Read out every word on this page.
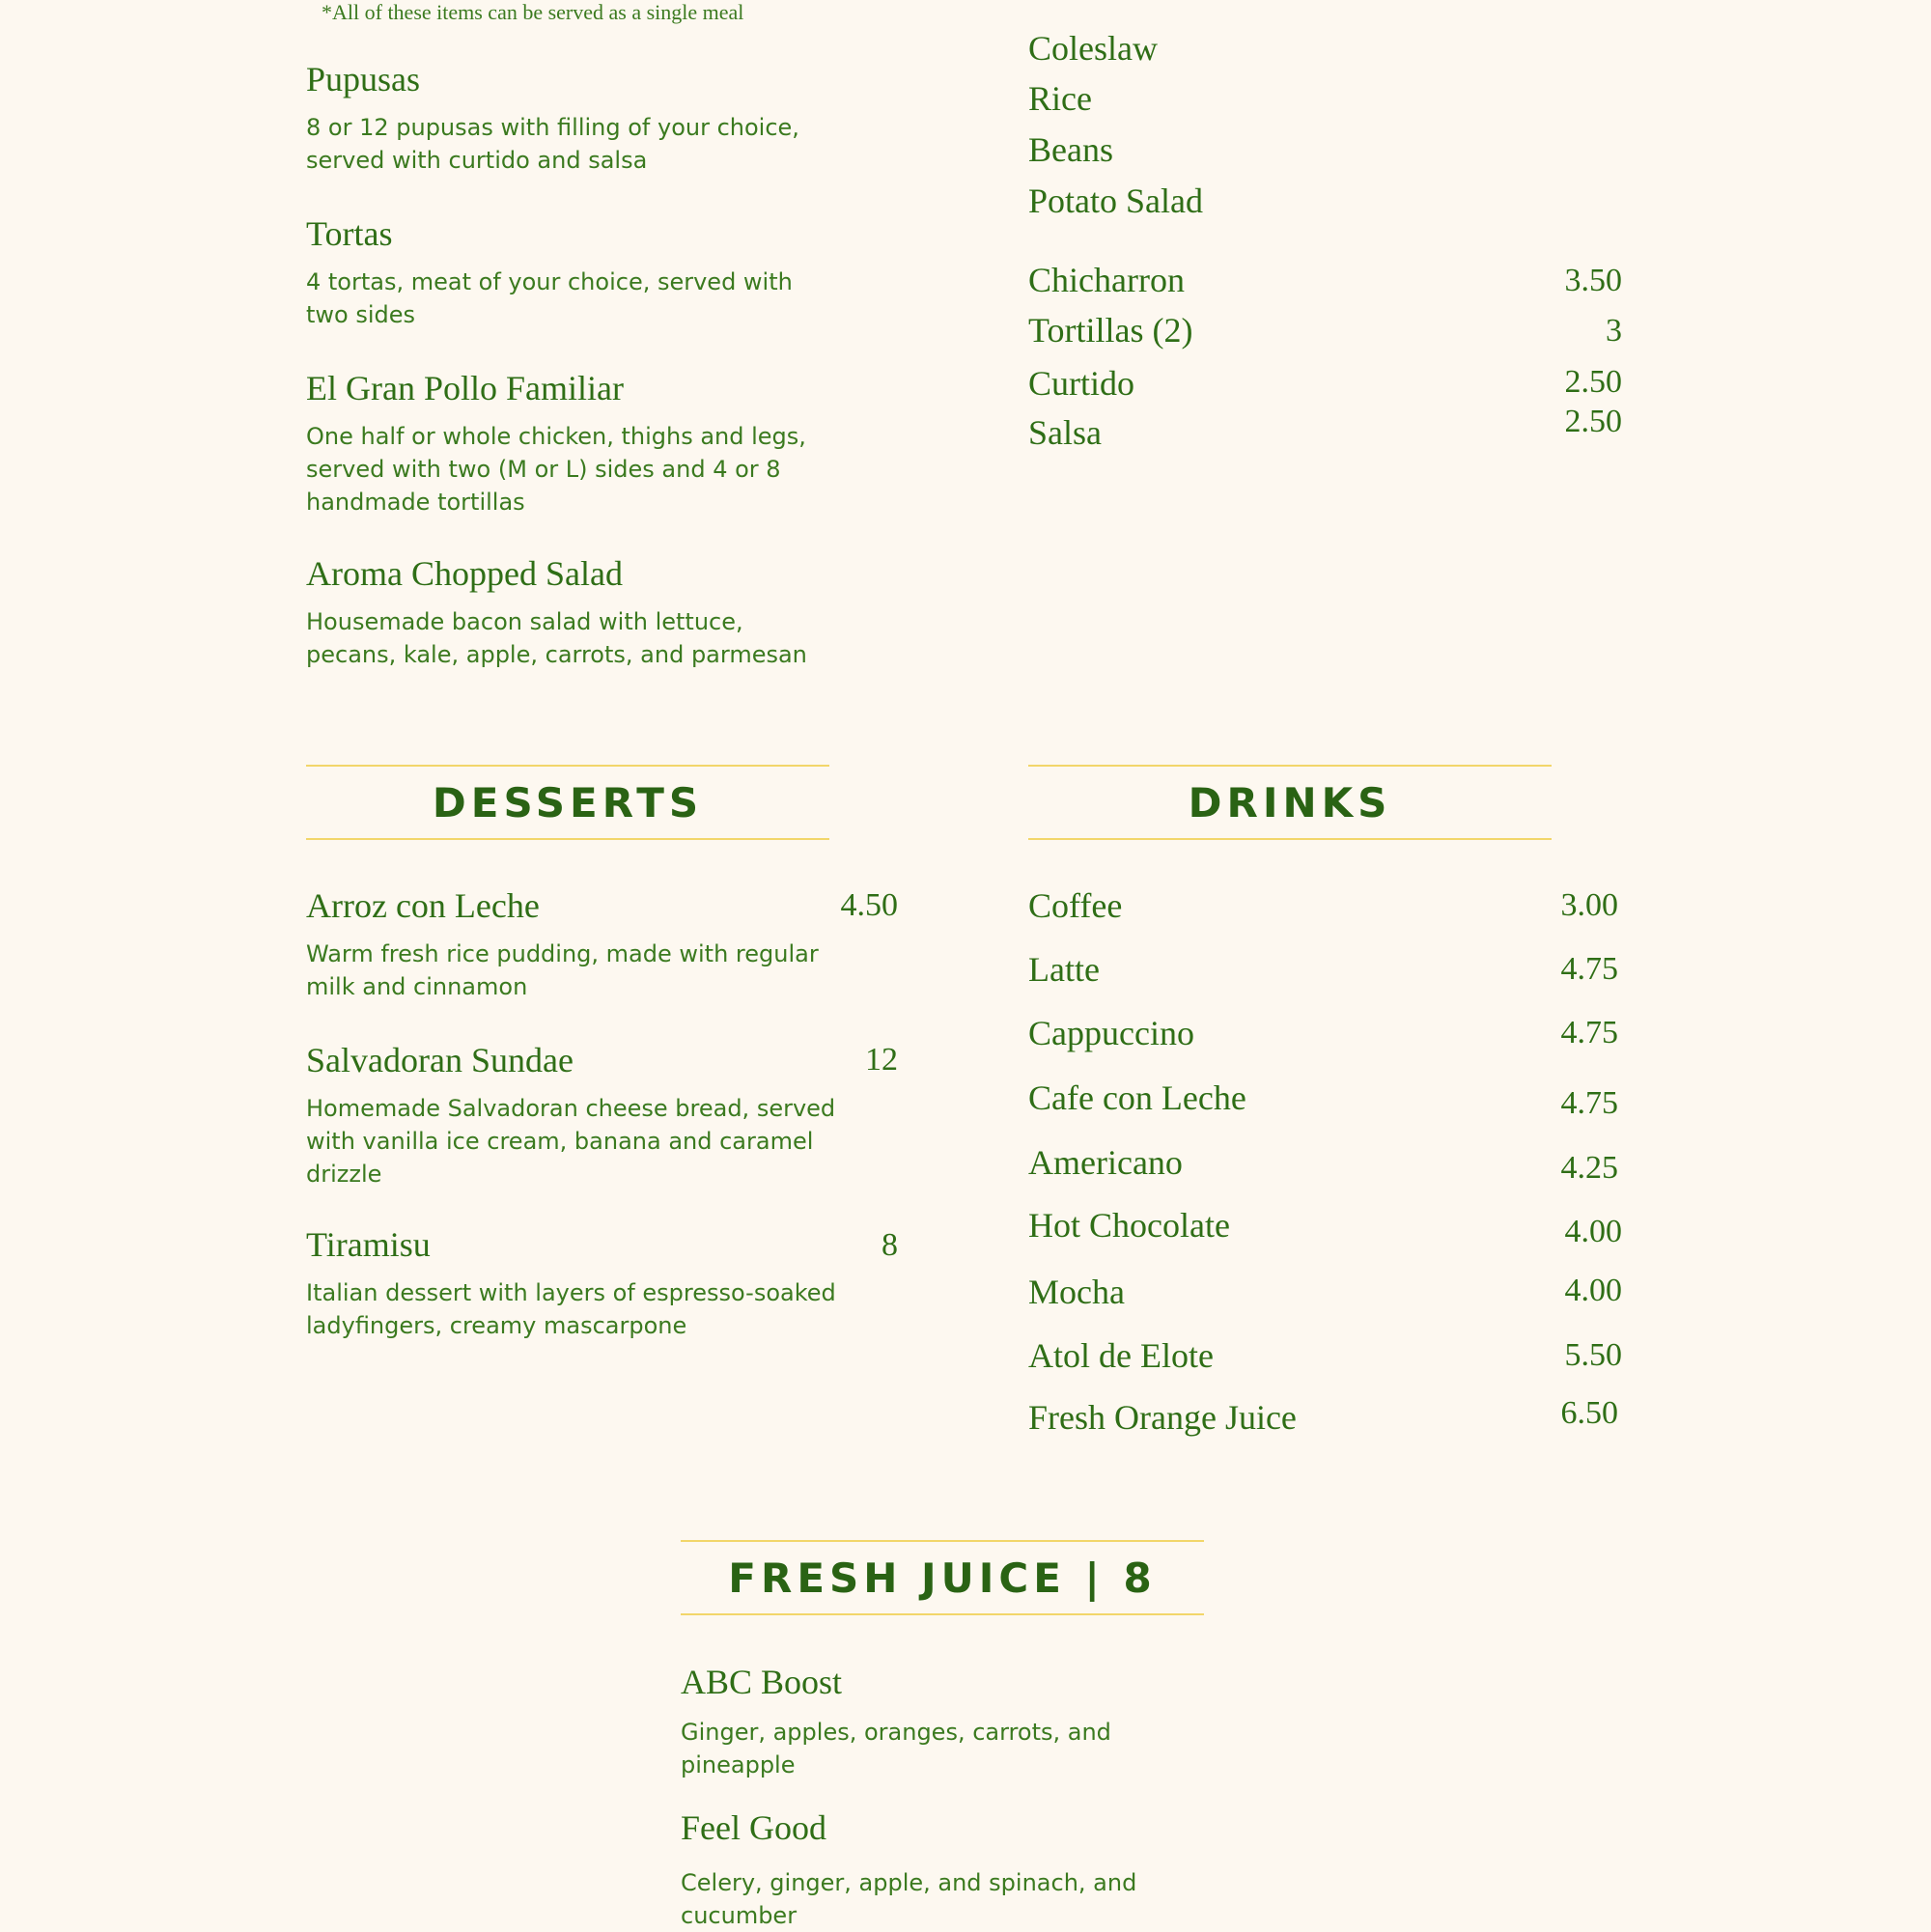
*All of these items can be served as a single meal
Pupusas
8 or 12 pupusas with filling of your choice, served with curtido and salsa
Tortas
4 tortas, meat of your choice, served with two sides
El Gran Pollo Familiar
One half or whole chicken, thighs and legs, served with two (M or L) sides and 4 or 8 handmade tortillas
Aroma Chopped Salad
Housemade bacon salad with lettuce, pecans, kale, apple, carrots, and parmesan
Coleslaw
Rice
Beans
Potato Salad
Chicharron	3.50
Tortillas (2)	3
Curtido	2.50
Salsa	2.50
DESSERTS	DRINKS
Arroz con Leche	4.50
Warm fresh rice pudding, made with regular milk and cinnamon
Salvadoran Sundae	12
Homemade Salvadoran cheese bread, served with vanilla ice cream, banana and caramel drizzle
Tiramisu	8
Italian dessert with layers of espresso-soaked ladyfingers, creamy mascarpone
Coffee	3.00
Latte	4.75
Cappuccino	4.75
Cafe con Leche	4.75
Americano	4.25
Hot Chocolate	4.00
Mocha	4.00
Atol de Elote	5.50
Fresh Orange Juice	6.50
FRESH JUICE | 8
ABC Boost
Ginger, apples, oranges, carrots, and pineapple
Feel Good
Celery, ginger, apple, and spinach, and cucumber
